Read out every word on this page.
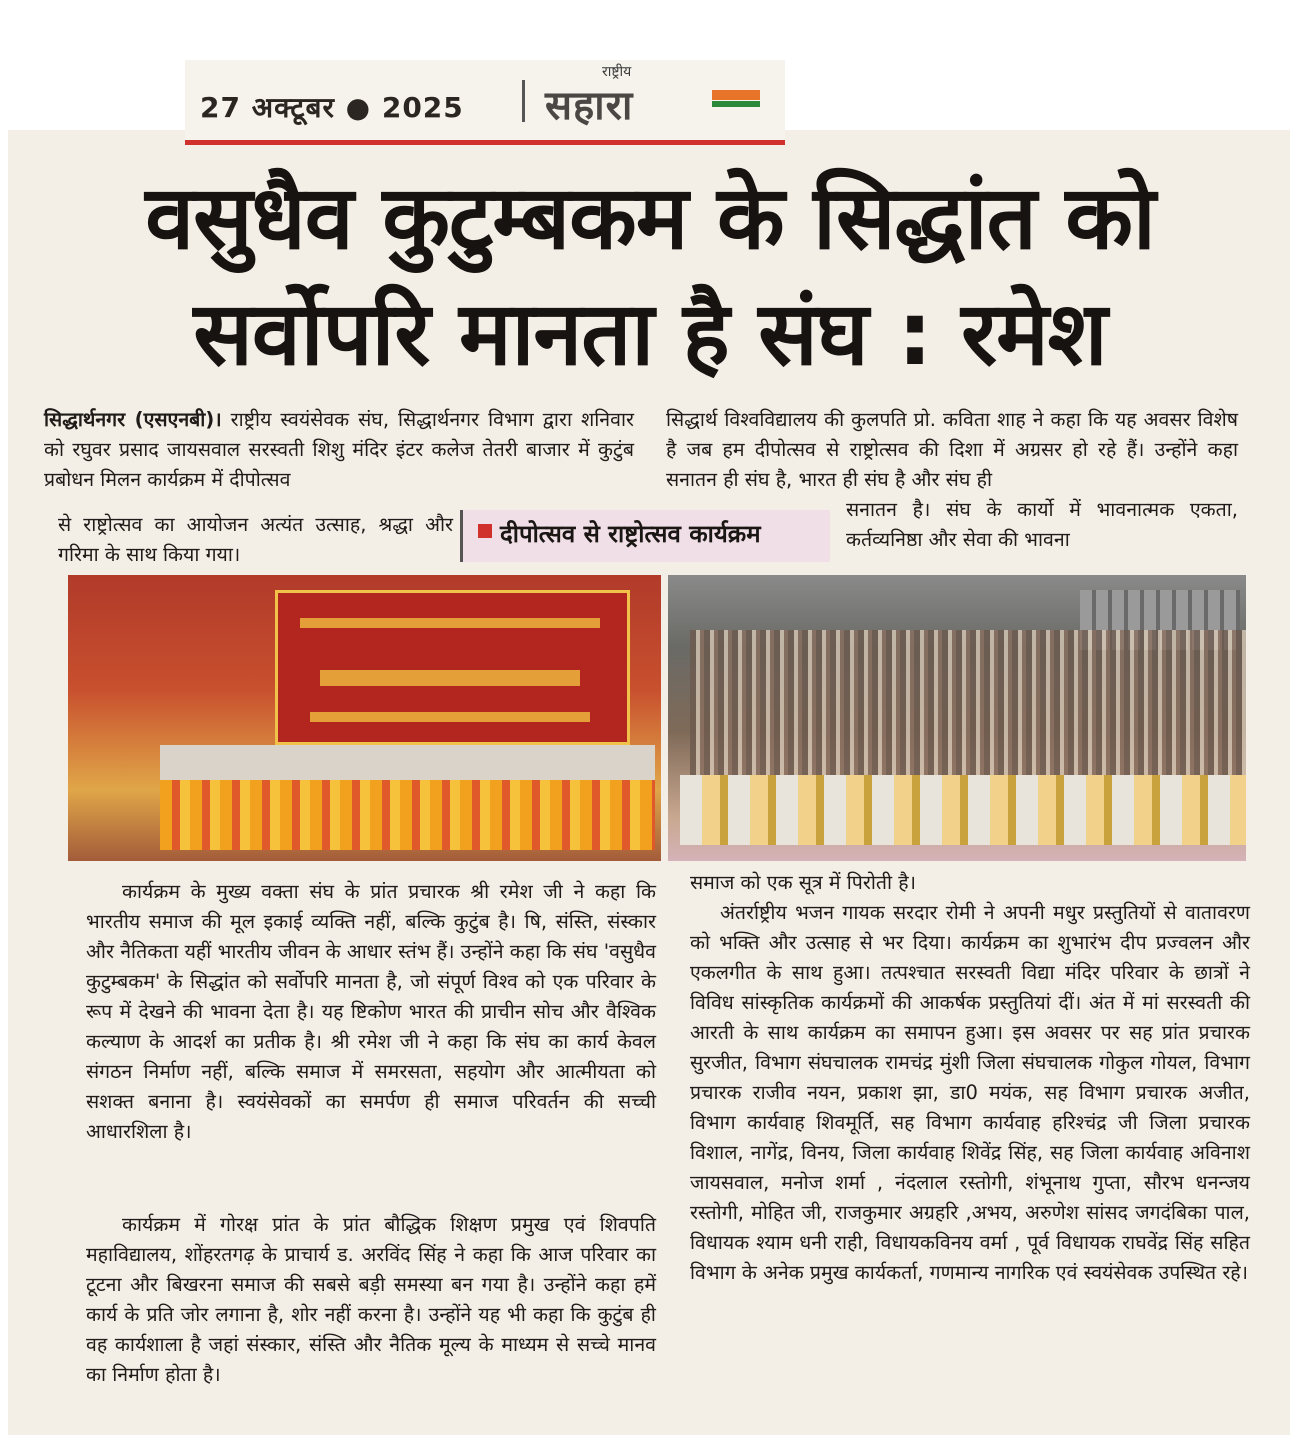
27 अक्टूबर ● 2025
राष्ट्रीय
सहारा
वसुधैव कुटुम्बकम के सिद्धांत को
सर्वोपरि मानता है संघ : रमेश

सिद्धार्थनगर (एसएनबी)। राष्ट्रीय स्वयंसेवक संघ, सिद्धार्थनगर विभाग द्वारा शनिवार को रघुवर प्रसाद जायसवाल सरस्वती शिशु मंदिर इंटर कलेज तेतरी बाजार में कुटुंब प्रबोधन मिलन कार्यक्रम में दीपोत्सव

से राष्ट्रोत्सव का आयोजन अत्यंत उत्साह, श्रद्धा और गरिमा के साथ किया गया।

दीपोत्सव से राष्ट्रोत्सव कार्यक्रम

सिद्धार्थ विश्वविद्यालय की कुलपति प्रो. कविता शाह ने कहा कि यह अवसर विशेष है जब हम दीपोत्सव से राष्ट्रोत्सव की दिशा में अग्रसर हो रहे हैं। उन्होंने कहा सनातन ही संघ है, भारत ही संघ है और संघ ही

सनातन है। संघ के कार्यो में भावनात्मक एकता, कर्तव्यनिष्ठा और सेवा की भावना

कार्यक्रम के मुख्य वक्ता संघ के प्रांत प्रचारक श्री रमेश जी ने कहा कि भारतीय समाज की मूल इकाई व्यक्ति नहीं, बल्कि कुटुंब है। षि, संस्ति, संस्कार और नैतिकता यहीं भारतीय जीवन के आधार स्तंभ हैं। उन्होंने कहा कि संघ 'वसुधैव कुटुम्बकम' के सिद्धांत को सर्वोपरि मानता है, जो संपूर्ण विश्व को एक परिवार के रूप में देखने की भावना देता है। यह ष्टिकोण भारत की प्राचीन सोच और वैश्विक कल्याण के आदर्श का प्रतीक है। श्री रमेश जी ने कहा कि संघ का कार्य केवल संगठन निर्माण नहीं, बल्कि समाज में समरसता, सहयोग और आत्मीयता को सशक्त बनाना है। स्वयंसेवकों का समर्पण ही समाज परिवर्तन की सच्ची आधारशिला है।

कार्यक्रम में गोरक्ष प्रांत के प्रांत बौद्धिक शिक्षण प्रमुख एवं शिवपति महाविद्यालय, शोंहरतगढ़ के प्राचार्य ड. अरविंद सिंह ने कहा कि आज परिवार का टूटना और बिखरना समाज की सबसे बड़ी समस्या बन गया है। उन्होंने कहा हमें कार्य के प्रति जोर लगाना है, शोर नहीं करना है। उन्होंने यह भी कहा कि कुटुंब ही वह कार्यशाला है जहां संस्कार, संस्ति और नैतिक मूल्य के माध्यम से सच्चे मानव का निर्माण होता है।

समाज को एक सूत्र में पिरोती है।

अंतर्राष्ट्रीय भजन गायक सरदार रोमी ने अपनी मधुर प्रस्तुतियों से वातावरण को भक्ति और उत्साह से भर दिया। कार्यक्रम का शुभारंभ दीप प्रज्वलन और एकलगीत के साथ हुआ। तत्पश्चात सरस्वती विद्या मंदिर परिवार के छात्रों ने विविध सांस्कृतिक कार्यक्रमों की आकर्षक प्रस्तुतियां दीं। अंत में मां सरस्वती की आरती के साथ कार्यक्रम का समापन हुआ। इस अवसर पर सह प्रांत प्रचारक सुरजीत, विभाग संघचालक रामचंद्र मुंशी जिला संघचालक गोकुल गोयल, विभाग प्रचारक राजीव नयन, प्रकाश झा, डा0 मयंक, सह विभाग प्रचारक अजीत, विभाग कार्यवाह शिवमूर्ति, सह विभाग कार्यवाह हरिश्चंद्र जी जिला प्रचारक विशाल, नागेंद्र, विनय, जिला कार्यवाह शिवेंद्र सिंह, सह जिला कार्यवाह अविनाश जायसवाल, मनोज शर्मा , नंदलाल रस्तोगी, शंभूनाथ गुप्ता, सौरभ धनन्जय रस्तोगी, मोहित जी, राजकुमार अग्रहरि ,अभय, अरुणेश सांसद जगदंबिका पाल, विधायक श्याम धनी राही, विधायकविनय वर्मा , पूर्व विधायक राघवेंद्र सिंह सहित विभाग के अनेक प्रमुख कार्यकर्ता, गणमान्य नागरिक एवं स्वयंसेवक उपस्थित रहे।
